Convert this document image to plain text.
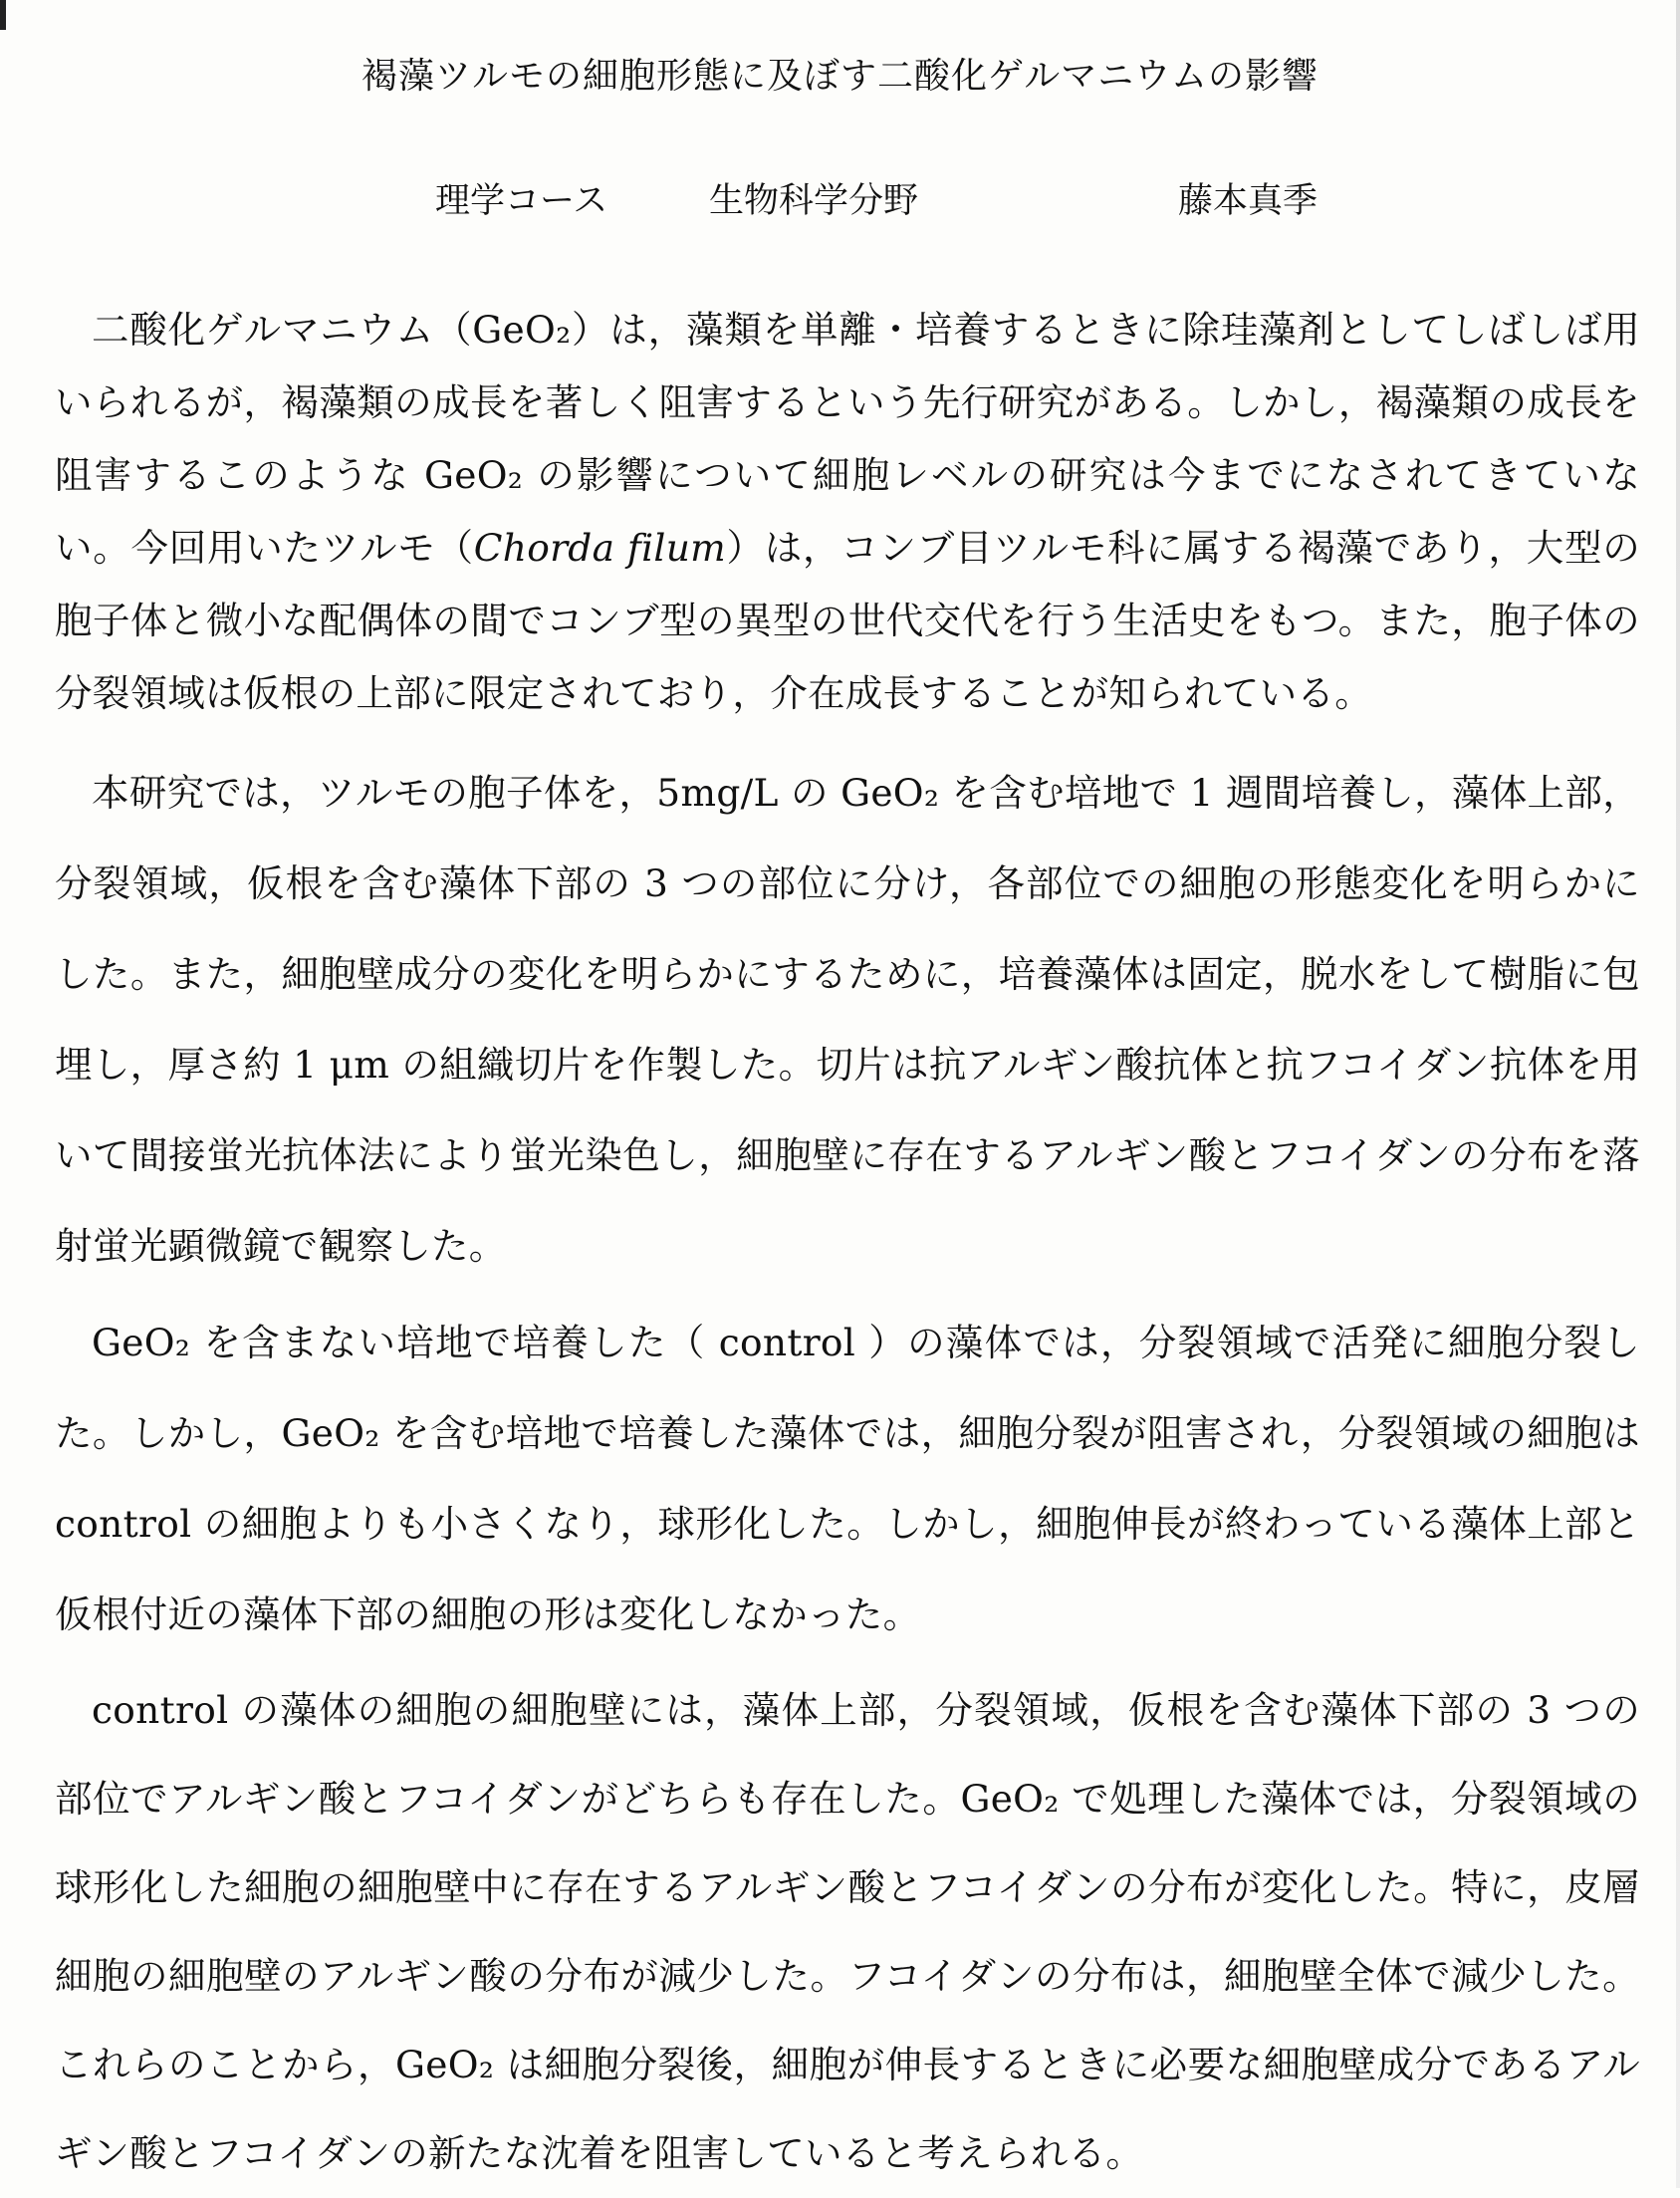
褐藻ツルモの細胞形態に及ぼす二酸化ゲルマニウムの影響
理学コース	生物科学分野	藤本真季

二酸化ゲルマニウム（GeO₂）は，藻類を単離・培養するときに除珪藻剤としてしばしば用いられるが，褐藻類の成長を著しく阻害するという先行研究がある。しかし，褐藻類の成長を阻害するこのような GeO₂ の影響について細胞レベルの研究は今までになされてきていない。今回用いたツルモ（Chorda filum）は，コンブ目ツルモ科に属する褐藻であり，大型の胞子体と微小な配偶体の間でコンブ型の異型の世代交代を行う生活史をもつ。また，胞子体の分裂領域は仮根の上部に限定されており，介在成長することが知られている。

本研究では，ツルモの胞子体を，5mg/L の GeO₂ を含む培地で 1 週間培養し，藻体上部，分裂領域，仮根を含む藻体下部の 3 つの部位に分け，各部位での細胞の形態変化を明らかにした。また，細胞壁成分の変化を明らかにするために，培養藻体は固定，脱水をして樹脂に包埋し，厚さ約 1 μm の組織切片を作製した。切片は抗アルギン酸抗体と抗フコイダン抗体を用いて間接蛍光抗体法により蛍光染色し，細胞壁に存在するアルギン酸とフコイダンの分布を落射蛍光顕微鏡で観察した。

GeO₂ を含まない培地で培養した（ control ）の藻体では，分裂領域で活発に細胞分裂した。しかし，GeO₂ を含む培地で培養した藻体では，細胞分裂が阻害され，分裂領域の細胞は control の細胞よりも小さくなり，球形化した。しかし，細胞伸長が終わっている藻体上部と仮根付近の藻体下部の細胞の形は変化しなかった。

control の藻体の細胞の細胞壁には，藻体上部，分裂領域，仮根を含む藻体下部の 3 つの部位でアルギン酸とフコイダンがどちらも存在した。GeO₂ で処理した藻体では，分裂領域の球形化した細胞の細胞壁中に存在するアルギン酸とフコイダンの分布が変化した。特に，皮層細胞の細胞壁のアルギン酸の分布が減少した。フコイダンの分布は，細胞壁全体で減少した。これらのことから，GeO₂ は細胞分裂後，細胞が伸長するときに必要な細胞壁成分であるアルギン酸とフコイダンの新たな沈着を阻害していると考えられる。
